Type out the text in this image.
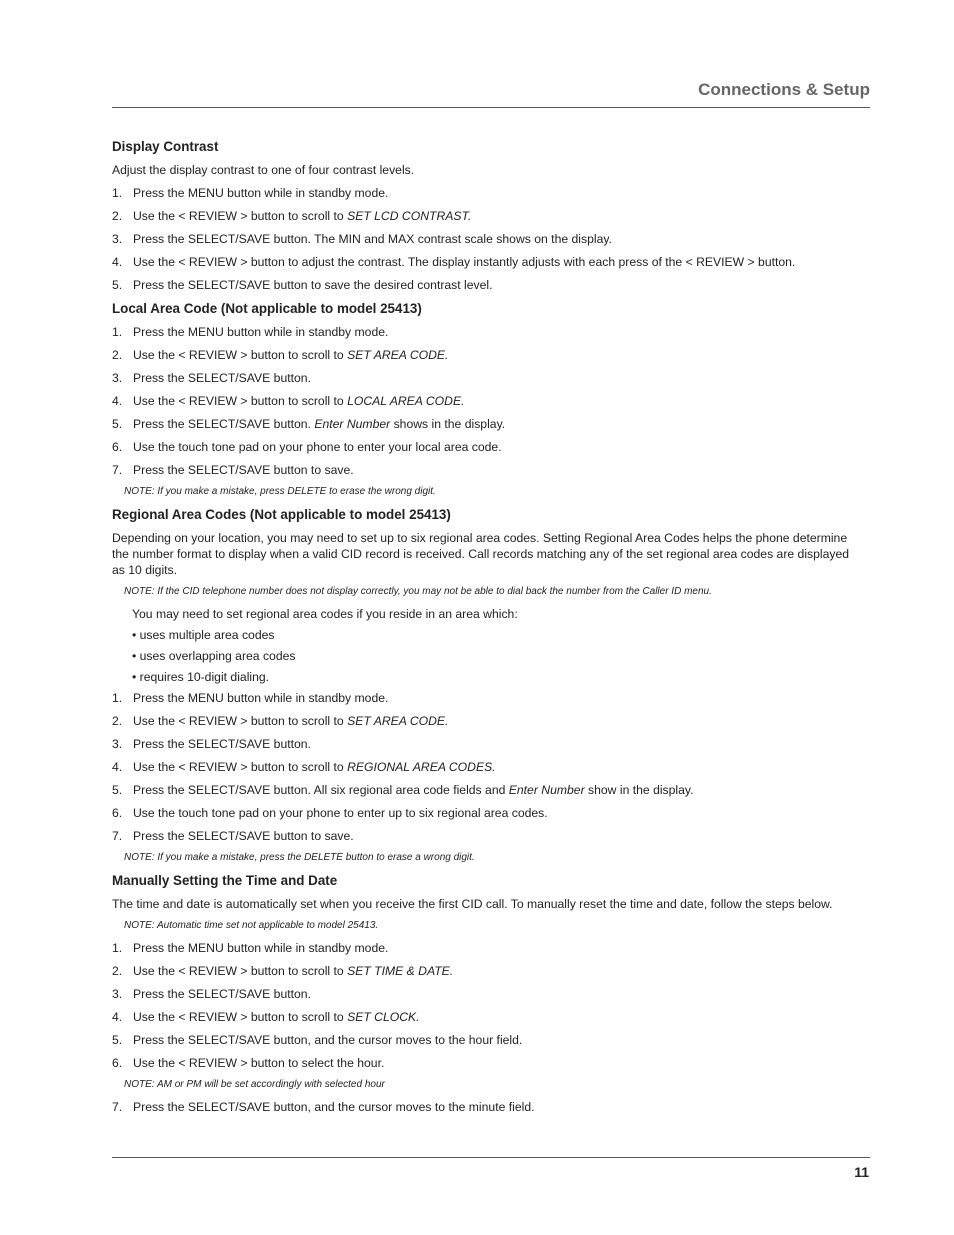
Connections & Setup
Display Contrast
Adjust the display contrast to one of four contrast levels.
1. Press the MENU button while in standby mode.
2. Use the < REVIEW > button to scroll to SET LCD CONTRAST.
3. Press the SELECT/SAVE button. The MIN and MAX contrast scale shows on the display.
4. Use the < REVIEW > button to adjust the contrast. The display instantly adjusts with each press of the < REVIEW > button.
5. Press the SELECT/SAVE button to save the desired contrast level.
Local Area Code (Not applicable to model 25413)
1. Press the MENU button while in standby mode.
2. Use the < REVIEW > button to scroll to SET AREA CODE.
3. Press the SELECT/SAVE button.
4. Use the < REVIEW > button to scroll to LOCAL AREA CODE.
5. Press the SELECT/SAVE button. Enter Number shows in the display.
6. Use the touch tone pad on your phone to enter your local area code.
7. Press the SELECT/SAVE button to save.
NOTE: If you make a mistake, press DELETE to erase the wrong digit.
Regional Area Codes (Not applicable to model 25413)
Depending on your location, you may need to set up to six regional area codes. Setting Regional Area Codes helps the phone determine the number format to display when a valid CID record is received. Call records matching any of the set regional area codes are displayed as 10 digits.
NOTE: If the CID telephone number does not display correctly, you may not be able to dial back the number from the Caller ID menu.
You may need to set regional area codes if you reside in an area which:
• uses multiple area codes
• uses overlapping area codes
• requires 10-digit dialing.
1. Press the MENU button while in standby mode.
2. Use the < REVIEW > button to scroll to SET AREA CODE.
3. Press the SELECT/SAVE button.
4. Use the < REVIEW > button to scroll to REGIONAL AREA CODES.
5. Press the SELECT/SAVE button. All six regional area code fields and Enter Number show in the display.
6. Use the touch tone pad on your phone to enter up to six regional area codes.
7. Press the SELECT/SAVE button to save.
NOTE: If you make a mistake, press the DELETE button to erase a wrong digit.
Manually Setting the Time and Date
The time and date is automatically set when you receive the first CID call. To manually reset the time and date, follow the steps below.
NOTE: Automatic time set not applicable to model 25413.
1. Press the MENU button while in standby mode.
2. Use the < REVIEW > button to scroll to SET TIME & DATE.
3. Press the SELECT/SAVE button.
4. Use the < REVIEW > button to scroll to SET CLOCK.
5. Press the SELECT/SAVE button, and the cursor moves to the hour field.
6. Use the < REVIEW > button to select the hour.
NOTE: AM or PM will be set accordingly with selected hour
7. Press the SELECT/SAVE button, and the cursor moves to the minute field.
11
